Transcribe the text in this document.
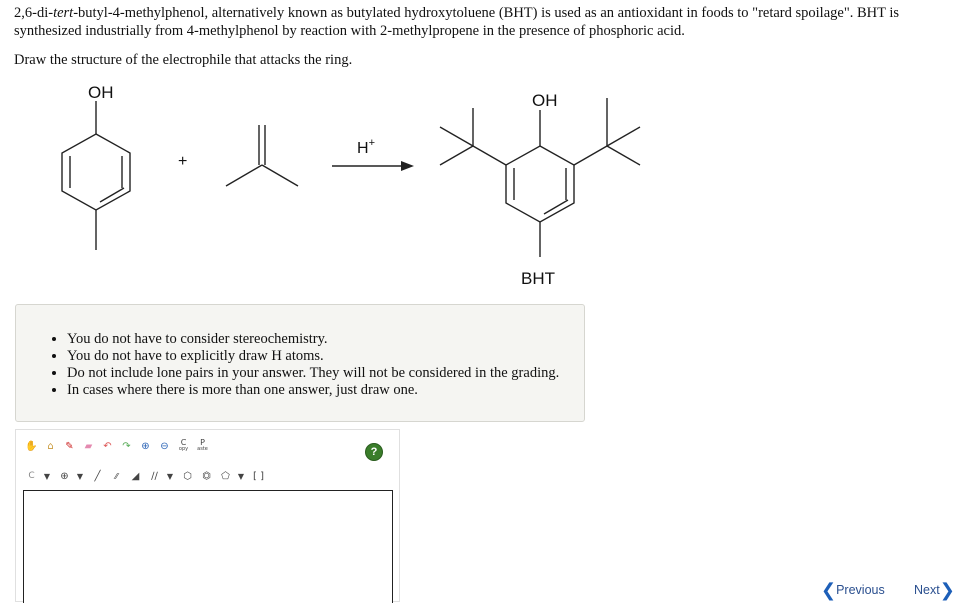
2,6-di-tert-butyl-4-methylphenol, alternatively known as butylated hydroxytoluene (BHT) is used as an antioxidant in foods to "retard spoilage". BHT is synthesized industrially from 4-methylphenol by reaction with 2-methylpropene in the presence of phosphoric acid.
Draw the structure of the electrophile that attacks the ring.
OH
+
H+
OH
BHT
• You do not have to consider stereochemistry.
• You do not have to explicitly draw H atoms.
• Do not include lone pairs in your answer. They will not be considered in the grading.
• In cases where there is more than one answer, just draw one.
✋ ⌂	✎	▰	↶	↷	⊕	⊖	C
opy
P
aste
C	▼	⊕	▼	╱	⁄⁄	◢	∕∕	▼	⬡	⏣	⬠	▼ [ ]
?
❮ Previous Next ❯
